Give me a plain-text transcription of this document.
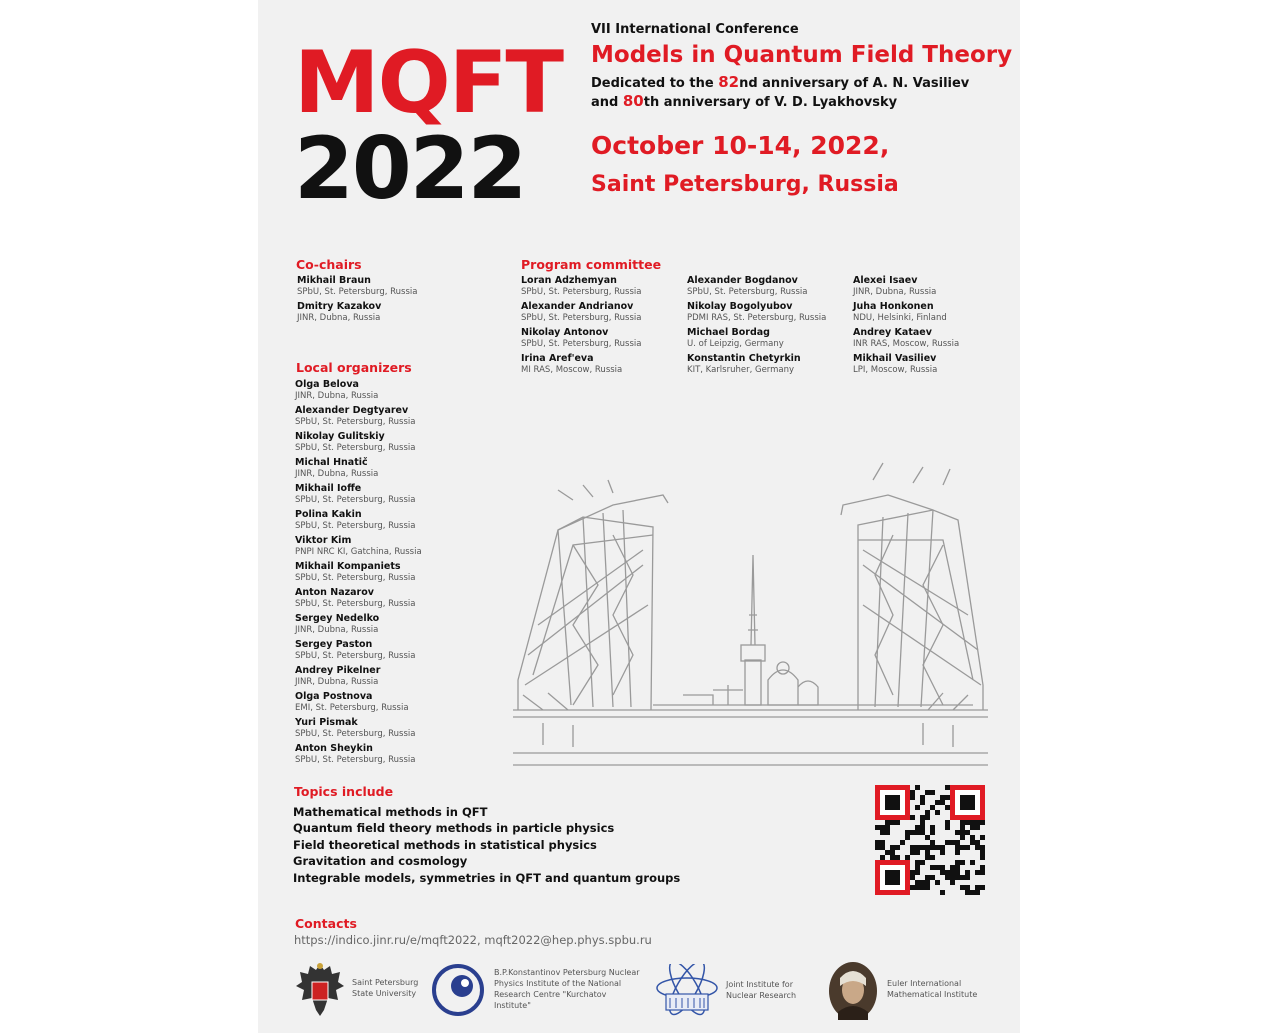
MQFT
2022
VII International Conference
Models in Quantum Field Theory
Dedicated to the 82nd anniversary of A. N. Vasiliev
and 80th anniversary of V. D. Lyakhovsky
October 10-14, 2022,
Saint Petersburg, Russia
Co-chairs
Mikhail Braun
SPbU, St. Petersburg, Russia
Dmitry Kazakov
JINR, Dubna, Russia
Local organizers
Olga Belova
JINR, Dubna, Russia
Alexander Degtyarev
SPbU, St. Petersburg, Russia
Nikolay Gulitskiy
SPbU, St. Petersburg, Russia
Michal Hnatič
JINR, Dubna, Russia
Mikhail Ioffe
SPbU, St. Petersburg, Russia
Polina Kakin
SPbU, St. Petersburg, Russia
Viktor Kim
PNPI NRC KI, Gatchina, Russia
Mikhail Kompaniets
SPbU, St. Petersburg, Russia
Anton Nazarov
SPbU, St. Petersburg, Russia
Sergey Nedelko
JINR, Dubna, Russia
Sergey Paston
SPbU, St. Petersburg, Russia
Andrey Pikelner
JINR, Dubna, Russia
Olga Postnova
EMI, St. Petersburg, Russia
Yuri Pismak
SPbU, St. Petersburg, Russia
Anton Sheykin
SPbU, St. Petersburg, Russia
Program committee
Loran Adzhemyan
SPbU, St. Petersburg, Russia
Alexander Andrianov
SPbU, St. Petersburg, Russia
Nikolay Antonov
SPbU, St. Petersburg, Russia
Irina Aref'eva
MI RAS, Moscow, Russia
Alexander Bogdanov
SPbU, St. Petersburg, Russia
Nikolay Bogolyubov
PDMI RAS, St. Petersburg, Russia
Michael Bordag
U. of Leipzig, Germany
Konstantin Chetyrkin
KIT, Karlsruher, Germany
Alexei Isaev
JINR, Dubna, Russia
Juha Honkonen
NDU, Helsinki, Finland
Andrey Kataev
INR RAS, Moscow, Russia
Mikhail Vasiliev
LPI, Moscow, Russia
Topics include
Mathematical methods in QFT
Quantum field theory methods in particle physics
Field theoretical methods in statistical physics
Gravitation and cosmology
Integrable models, symmetries in QFT and quantum groups
Contacts
https://indico.jinr.ru/e/mqft2022, mqft2022@hep.phys.spbu.ru
Saint Petersburg State University
B.P.Konstantinov Petersburg Nuclear Physics Institute of the National Research Centre "Kurchatov Institute"
Joint Institute for Nuclear Research
Euler International Mathematical Institute
